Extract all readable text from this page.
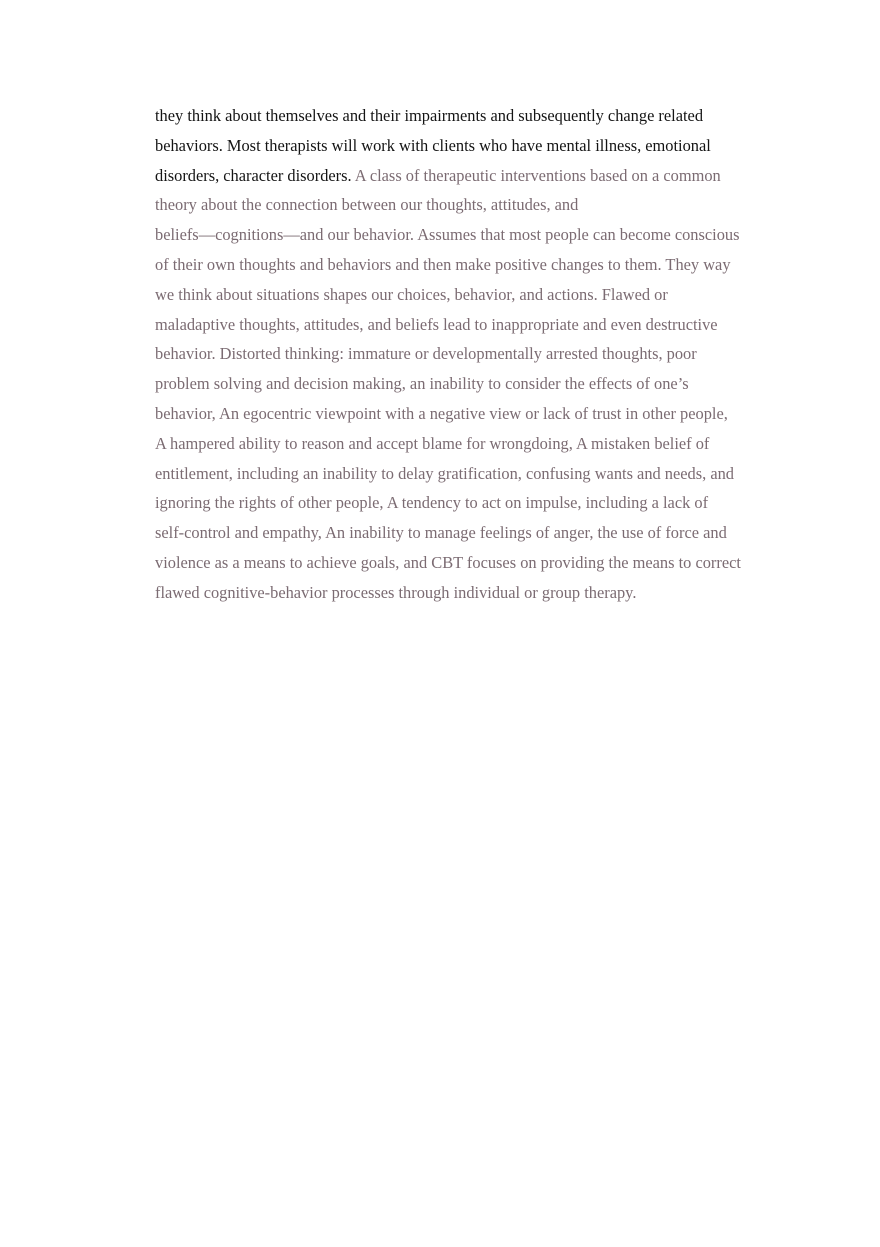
they think about themselves and their impairments and subsequently change related
behaviors. Most therapists will work with clients who have mental illness, emotional
disorders, character disorders. A class of therapeutic interventions based on a common
theory about the connection between our thoughts, attitudes, and
beliefs—cognitions—and our behavior. Assumes that most people can become conscious
of their own thoughts and behaviors and then make positive changes to them. They way
we think about situations shapes our choices, behavior, and actions. Flawed or
maladaptive thoughts, attitudes, and beliefs lead to inappropriate and even destructive
behavior. Distorted thinking: immature or developmentally arrested thoughts, poor
problem solving and decision making, an inability to consider the effects of one’s
behavior, An egocentric viewpoint with a negative view or lack of trust in other people,
A hampered ability to reason and accept blame for wrongdoing, A mistaken belief of
entitlement, including an inability to delay gratification, confusing wants and needs, and
ignoring the rights of other people, A tendency to act on impulse, including a lack of
self-control and empathy, An inability to manage feelings of anger, the use of force and
violence as a means to achieve goals, and CBT focuses on providing the means to correct
flawed cognitive-behavior processes through individual or group therapy.
